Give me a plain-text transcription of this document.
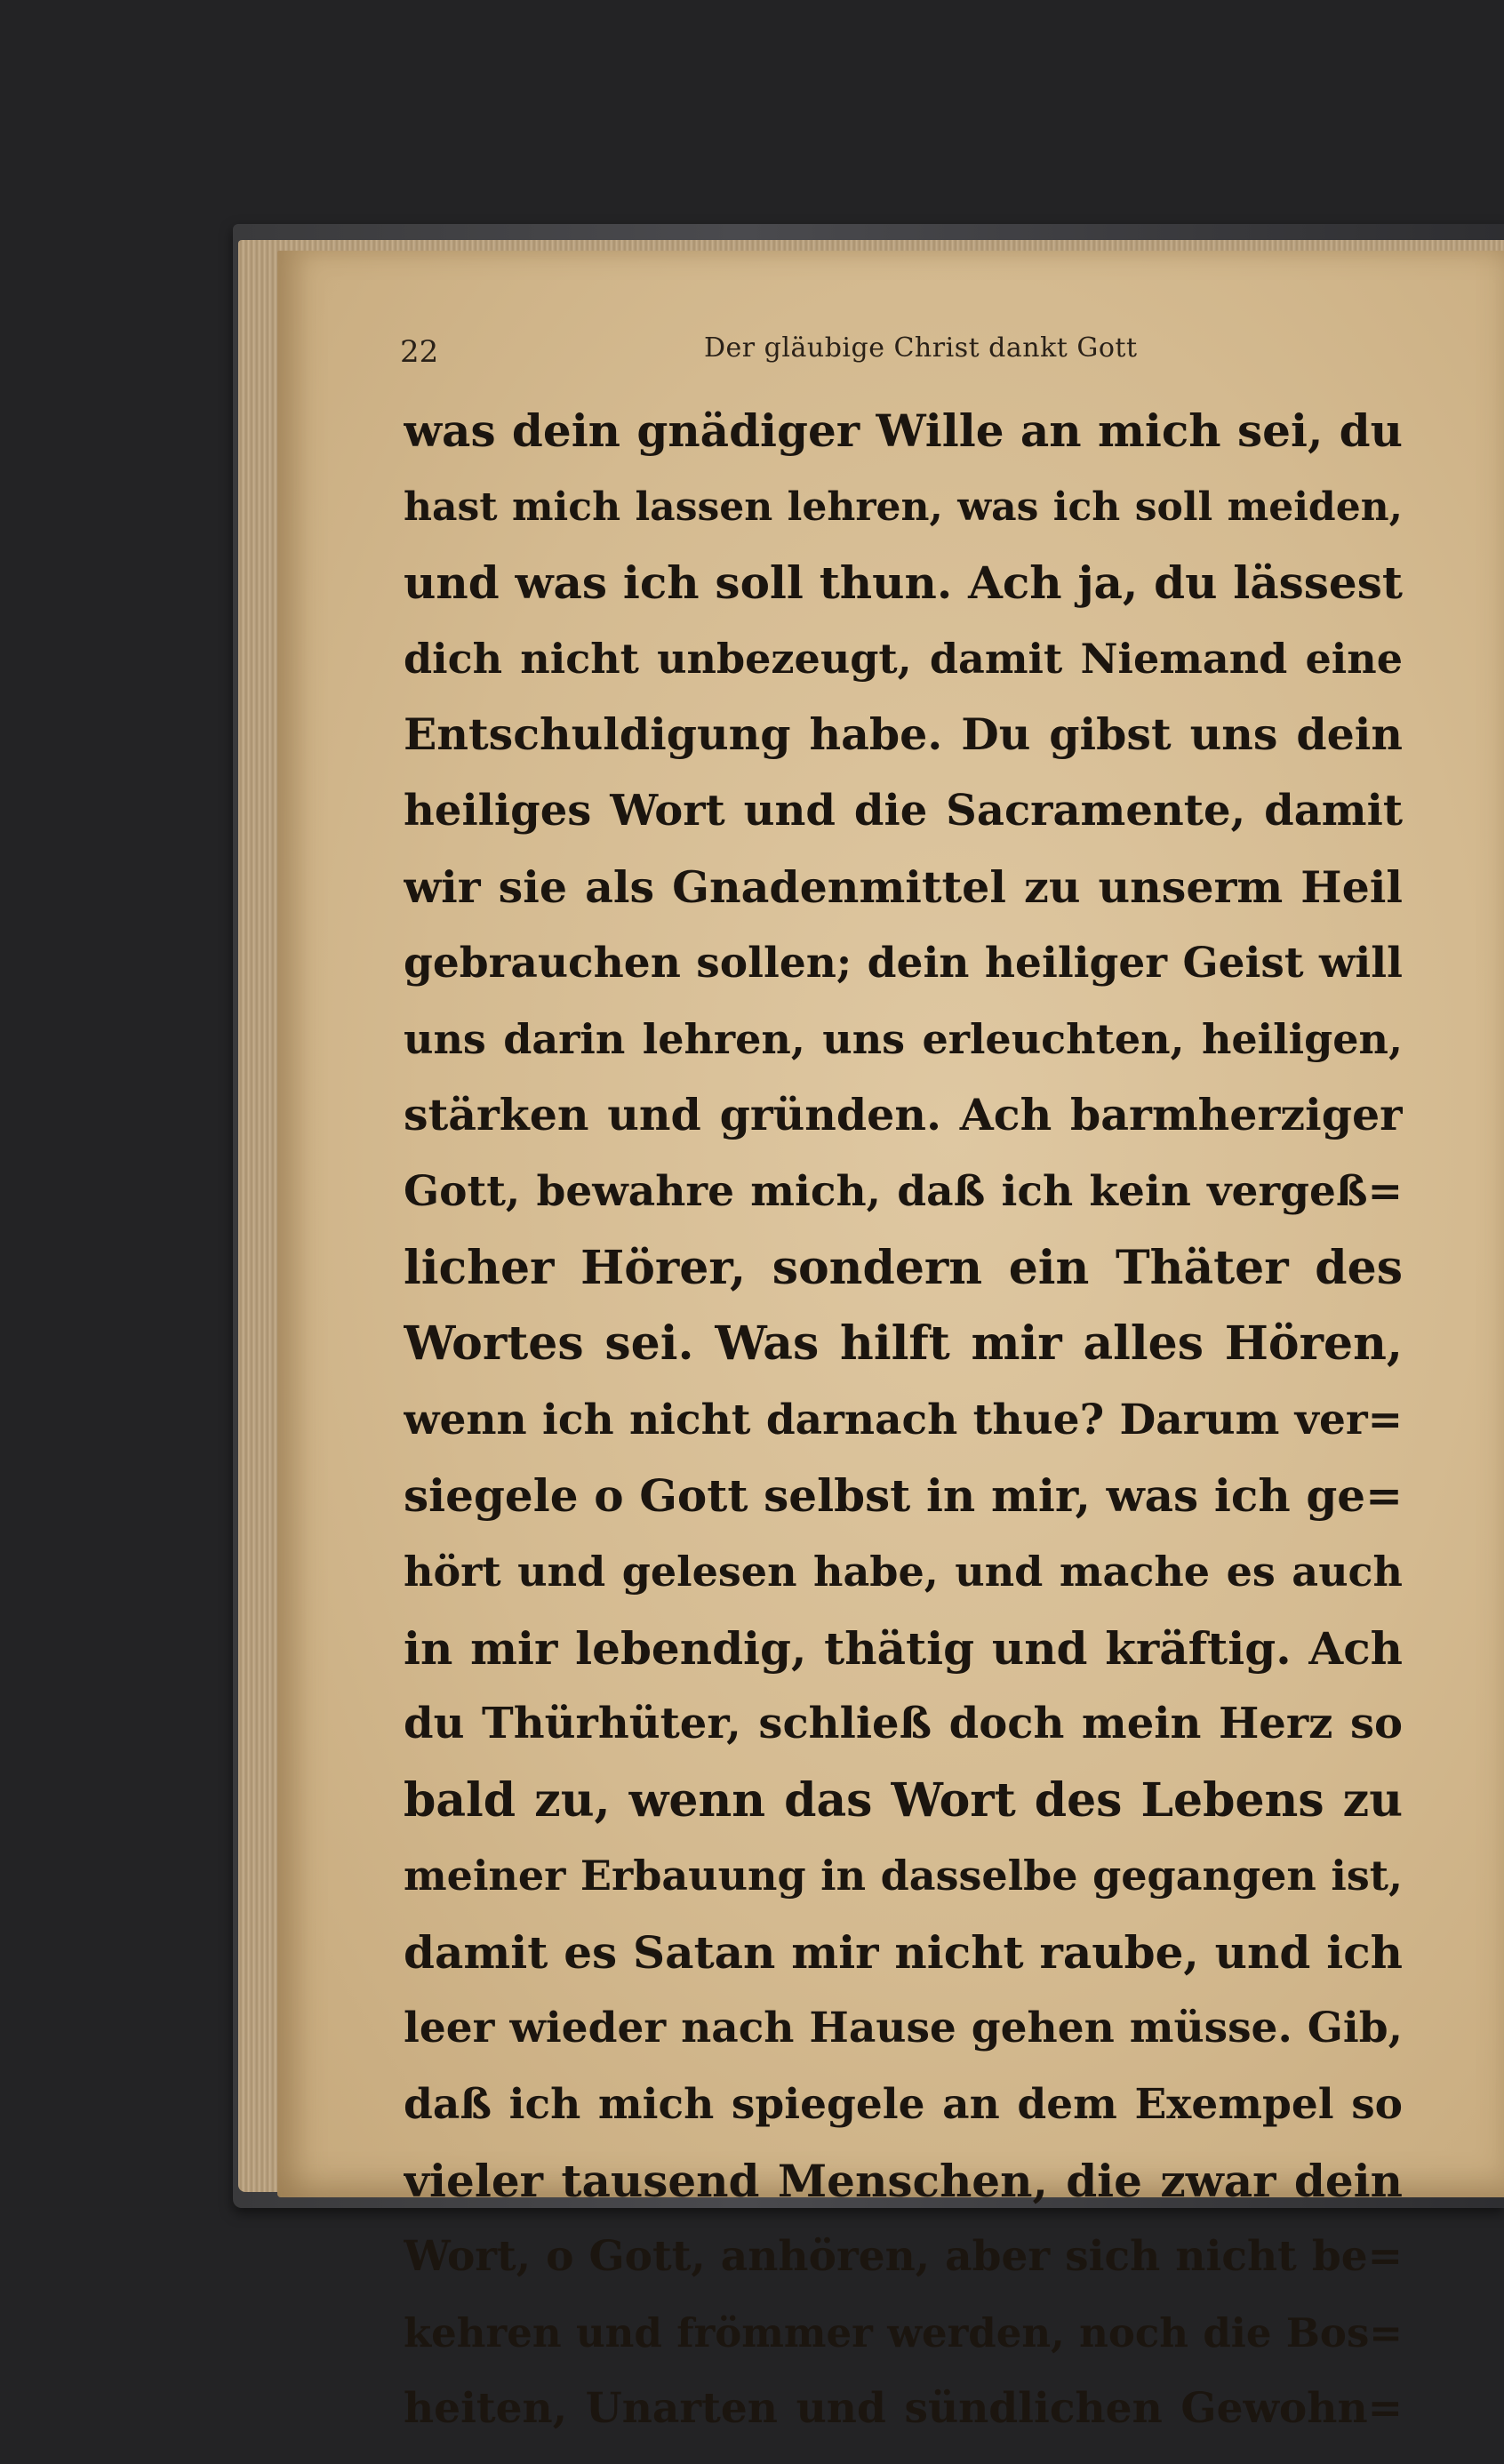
22	Der gläubige Christ dankt Gott
was dein gnädiger Wille an mich sei, du
hast mich lassen lehren, was ich soll meiden,
und was ich soll thun. Ach ja, du lässest
dich nicht unbezeugt, damit Niemand eine
Entschuldigung habe. Du gibst uns dein
heiliges Wort und die Sacramente, damit
wir sie als Gnadenmittel zu unserm Heil
gebrauchen sollen; dein heiliger Geist will
uns darin lehren, uns erleuchten, heiligen,
stärken und gründen. Ach barmherziger
Gott, bewahre mich, daß ich kein vergeß=
licher Hörer, sondern ein Thäter des
Wortes sei. Was hilft mir alles Hören,
wenn ich nicht darnach thue? Darum ver=
siegele o Gott selbst in mir, was ich ge=
hört und gelesen habe, und mache es auch
in mir lebendig, thätig und kräftig. Ach
du Thürhüter, schließ doch mein Herz so
bald zu, wenn das Wort des Lebens zu
meiner Erbauung in dasselbe gegangen ist,
damit es Satan mir nicht raube, und ich
leer wieder nach Hause gehen müsse. Gib,
daß ich mich spiegele an dem Exempel so
vieler tausend Menschen, die zwar dein
Wort, o Gott, anhören, aber sich nicht be=
kehren und frömmer werden, noch die Bos=
heiten, Unarten und sündlichen Gewohn=
